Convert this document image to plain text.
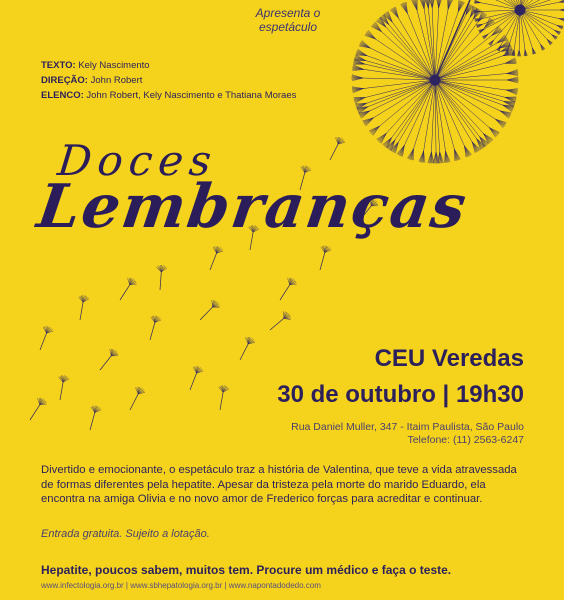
Apresenta o espetáculo
TEXTO: Kely Nascimento
DIREÇÃO: John Robert
ELENCO: John Robert, Kely Nascimento e Thatiana Moraes
Doces
Lembranças
CEU Veredas
30 de outubro | 19h30
Rua Daniel Muller, 347 - Itaim Paulista, São Paulo
Telefone: (11) 2563-6247
Divertido e emocionante, o espetáculo traz a história de Valentina, que teve a vida atravessada de formas diferentes pela hepatite. Apesar da tristeza pela morte do marido Eduardo, ela encontra na amiga Olivia e no novo amor de Frederico forças para acreditar e continuar.
Entrada gratuita. Sujeito a lotação.
Hepatite, poucos sabem, muitos tem. Procure um médico e faça o teste.
www.infectologia.org.br | www.sbhepatologia.org.br | www.napontadodedo.com
